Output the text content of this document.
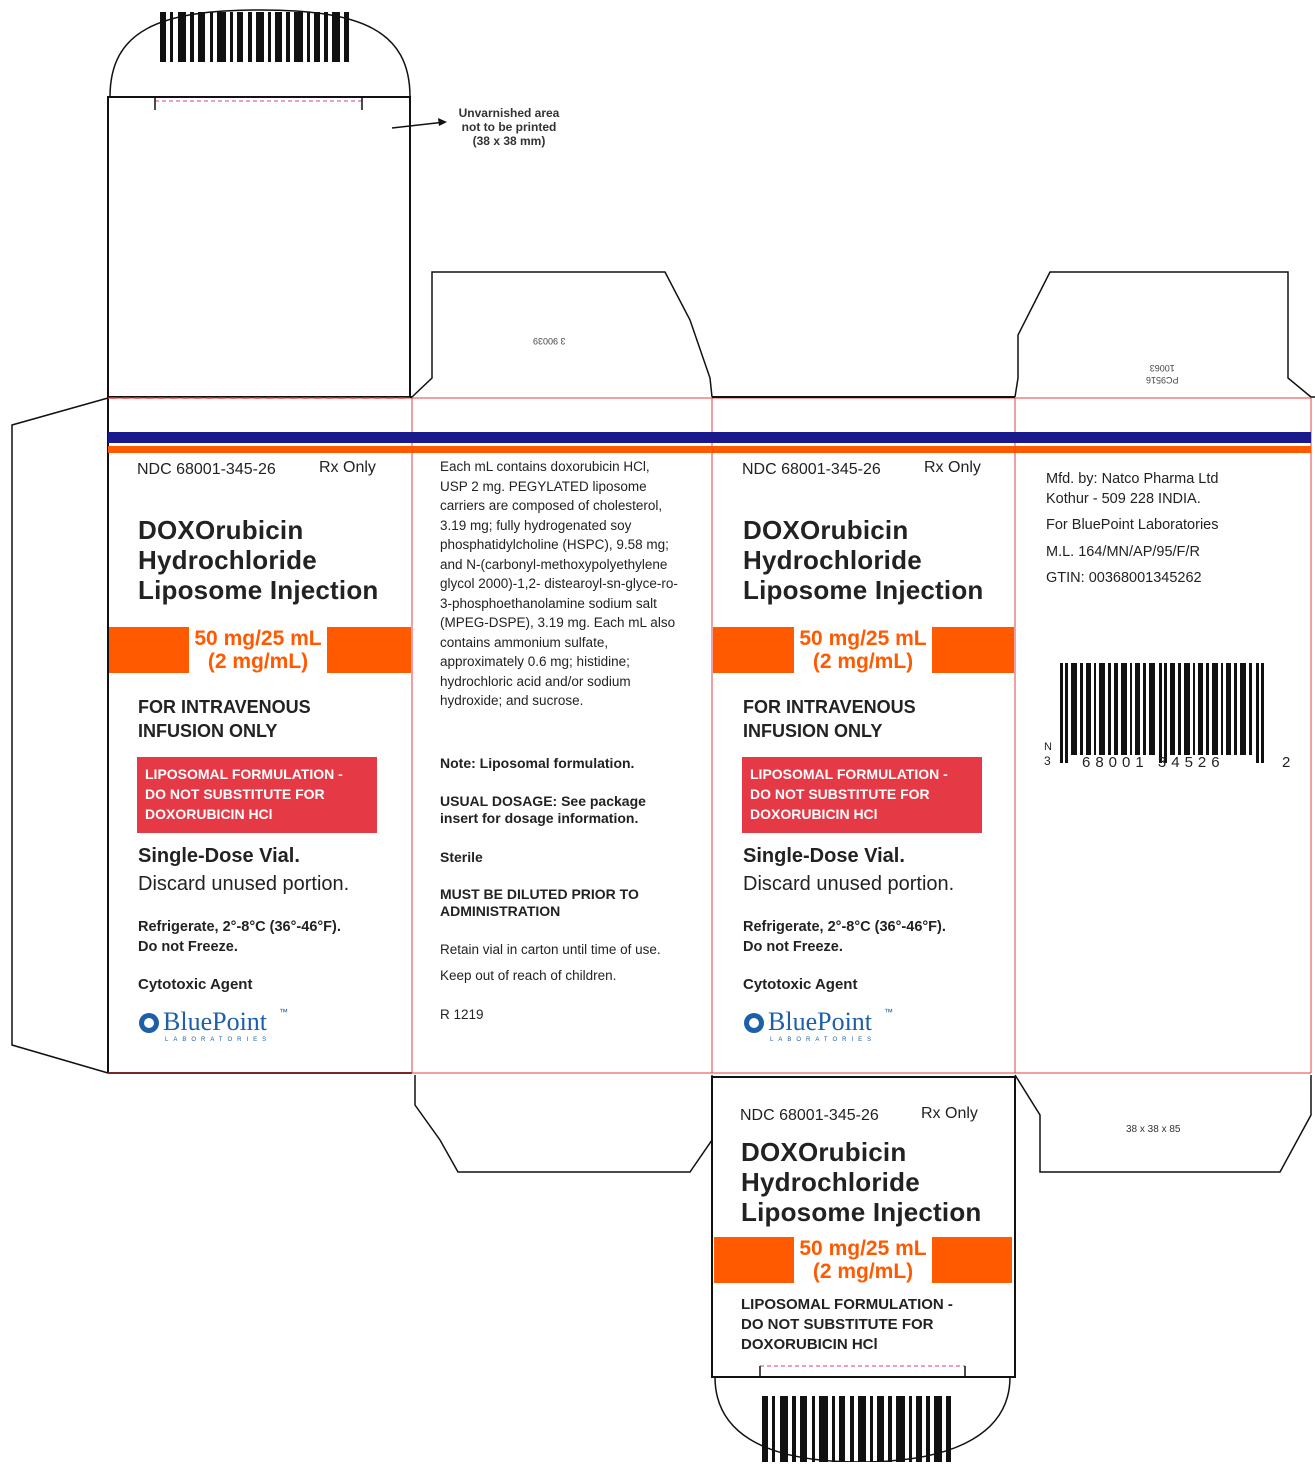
Unvarnished area
not to be printed
(38 x 38 mm)
3 90039
PC9516
10063
NDC 68001-345-26	Rx Only
DOXOrubicin
Hydrochloride
Liposome Injection
50 mg/25 mL
(2 mg/mL)
FOR INTRAVENOUS
INFUSION ONLY
LIPOSOMAL FORMULATION -
DO NOT SUBSTITUTE FOR
DOXORUBICIN HCl
Single-Dose Vial.
Discard unused portion.
Refrigerate, 2°-8°C (36°-46°F).
Do not Freeze.
Cytotoxic Agent
BluePoint ™
LABORATORIES
Each mL contains doxorubicin HCl, USP 2 mg. PEGYLATED liposome carriers are composed of cholesterol, 3.19 mg; fully hydrogenated soy phosphatidylcholine (HSPC), 9.58 mg; and N-(carbonyl-methoxypolyethylene glycol 2000)-1,2- distearoyl-sn-glyce-ro-3-phosphoethanolamine sodium salt (MPEG-DSPE), 3.19 mg. Each mL also contains ammonium sulfate, approximately 0.6 mg; histidine; hydrochloric acid and/or sodium hydroxide; and sucrose.
Note: Liposomal formulation.
USUAL DOSAGE: See package insert for dosage information.
Sterile
MUST BE DILUTED PRIOR TO ADMINISTRATION
Retain vial in carton until time of use.
Keep out of reach of children.
R 1219
NDC 68001-345-26	Rx Only
DOXOrubicin
Hydrochloride
Liposome Injection
50 mg/25 mL
(2 mg/mL)
FOR INTRAVENOUS
INFUSION ONLY
LIPOSOMAL FORMULATION -
DO NOT SUBSTITUTE FOR
DOXORUBICIN HCl
Single-Dose Vial.
Discard unused portion.
Refrigerate, 2°-8°C (36°-46°F).
Do not Freeze.
Cytotoxic Agent
BluePoint ™
LABORATORIES
Mfd. by: Natco Pharma Ltd
Kothur - 509 228 INDIA.
For BluePoint Laboratories
M.L. 164/MN/AP/95/F/R
GTIN: 00368001345262
N
3 68001 34526	2
38 x 38 x 85
NDC 68001-345-26	Rx Only
DOXOrubicin
Hydrochloride
Liposome Injection
50 mg/25 mL
(2 mg/mL)
LIPOSOMAL FORMULATION -
DO NOT SUBSTITUTE FOR
DOXORUBICIN HCl
